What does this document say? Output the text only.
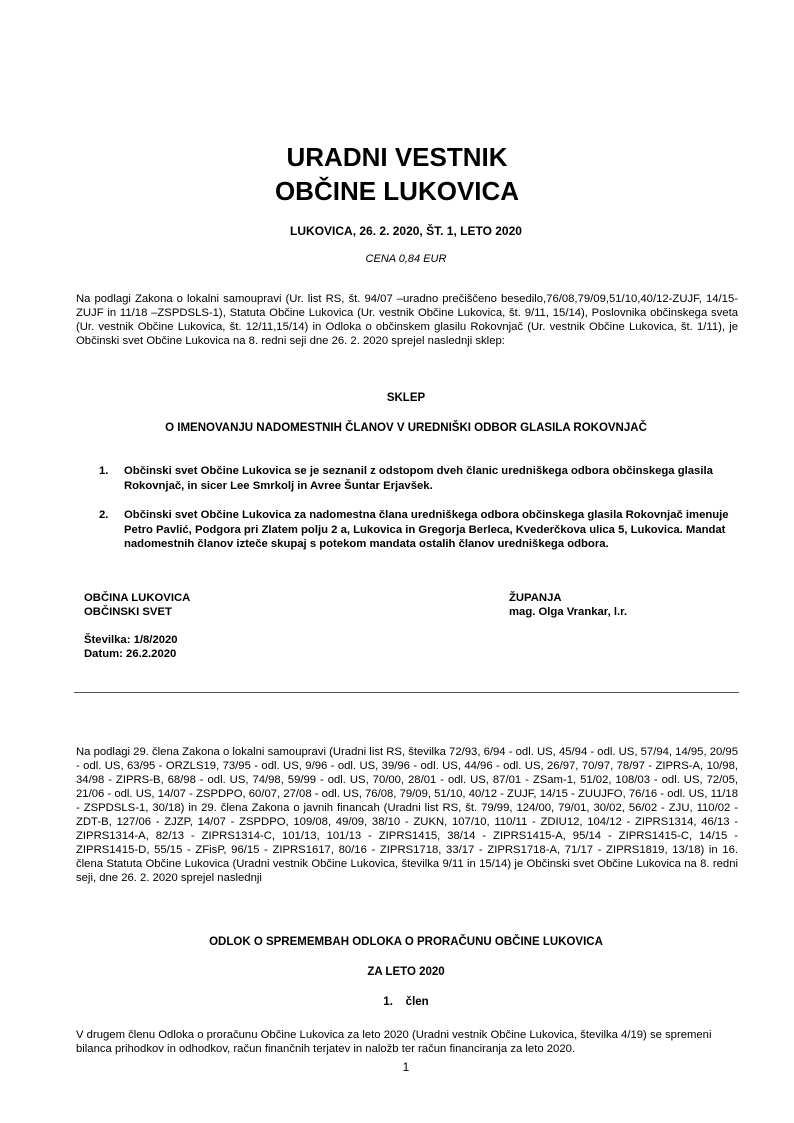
URADNI VESTNIK
OBČINE LUKOVICA
LUKOVICA, 26. 2. 2020, ŠT. 1, LETO 2020
CENA 0,84 EUR
Na podlagi Zakona o lokalni samoupravi (Ur. list RS, št. 94/07 –uradno prečiščeno besedilo,76/08,79/09,51/10,40/12-ZUJF, 14/15-ZUJF in 11/18 –ZSPDSLS-1), Statuta Občine Lukovica (Ur. vestnik Občine Lukovica, št. 9/11, 15/14), Poslovnika občinskega sveta (Ur. vestnik Občine Lukovica, št. 12/11,15/14) in Odloka o občinskem glasilu Rokovnjač (Ur. vestnik Občine Lukovica, št. 1/11), je Občinski svet Občine Lukovica na 8. redni seji dne 26. 2. 2020 sprejel naslednji sklep:
SKLEP
O IMENOVANJU NADOMESTNIH ČLANOV V UREDNIŠKI ODBOR GLASILA ROKOVNJAČ
1.	Občinski svet Občine Lukovica se je seznanil z odstopom dveh članic uredniškega odbora občinskega glasila Rokovnjač, in sicer Lee Smrkolj in Avree Šuntar Erjavšek.
2.	Občinski svet Občine Lukovica za nadomestna člana uredniškega odbora občinskega glasila Rokovnjač imenuje Petro Pavlić, Podgora pri Zlatem polju 2 a, Lukovica in Gregorja Berleca, Kvederčkova ulica 5, Lukovica. Mandat nadomestnih članov izteče skupaj s potekom mandata ostalih članov uredniškega odbora.
OBČINA LUKOVICA
OBČINSKI SVET
ŽUPANJA
mag. Olga Vrankar, l.r.
Številka: 1/8/2020
Datum: 26.2.2020
Na podlagi 29. člena Zakona o lokalni samoupravi (Uradni list RS, številka 72/93, 6/94 - odl. US, 45/94 - odl. US, 57/94, 14/95, 20/95 - odl. US, 63/95 - ORZLS19, 73/95 - odl. US, 9/96 - odl. US, 39/96 - odl. US, 44/96 - odl. US, 26/97, 70/97, 78/97 - ZIPRS-A, 10/98, 34/98 - ZIPRS-B, 68/98 - odl. US, 74/98, 59/99 - odl. US, 70/00, 28/01 - odl. US, 87/01 - ZSam-1, 51/02, 108/03 - odl. US, 72/05, 21/06 - odl. US, 14/07 - ZSPDPO, 60/07, 27/08 - odl. US, 76/08, 79/09, 51/10, 40/12 - ZUJF, 14/15 - ZUUJFO, 76/16 - odl. US, 11/18 - ZSPDSLS-1, 30/18) in 29. člena Zakona o javnih financah (Uradni list RS, št. 79/99, 124/00, 79/01, 30/02, 56/02 - ZJU, 110/02 - ZDT-B, 127/06 - ZJZP, 14/07 - ZSPDPO, 109/08, 49/09, 38/10 - ZUKN, 107/10, 110/11 - ZDIU12, 104/12 - ZIPRS1314, 46/13 - ZIPRS1314-A, 82/13 - ZIPRS1314-C, 101/13, 101/13 - ZIPRS1415, 38/14 - ZIPRS1415-A, 95/14 - ZIPRS1415-C, 14/15 - ZIPRS1415-D, 55/15 - ZFisP, 96/15 - ZIPRS1617, 80/16 - ZIPRS1718, 33/17 - ZIPRS1718-A, 71/17 - ZIPRS1819, 13/18) in 16. člena Statuta Občine Lukovica (Uradni vestnik Občine Lukovica, številka 9/11 in 15/14) je Občinski svet Občine Lukovica na 8. redni seji, dne 26. 2. 2020 sprejel naslednji
ODLOK O SPREMEMBAH ODLOKA O PRORAČUNU OBČINE LUKOVICA
ZA LETO 2020
1.    člen
V drugem členu Odloka o proračunu Občine Lukovica za leto 2020 (Uradni vestnik Občine Lukovica, številka 4/19) se spremeni bilanca prihodkov in odhodkov, račun finančnih terjatev in naložb ter račun financiranja za leto 2020.
1
